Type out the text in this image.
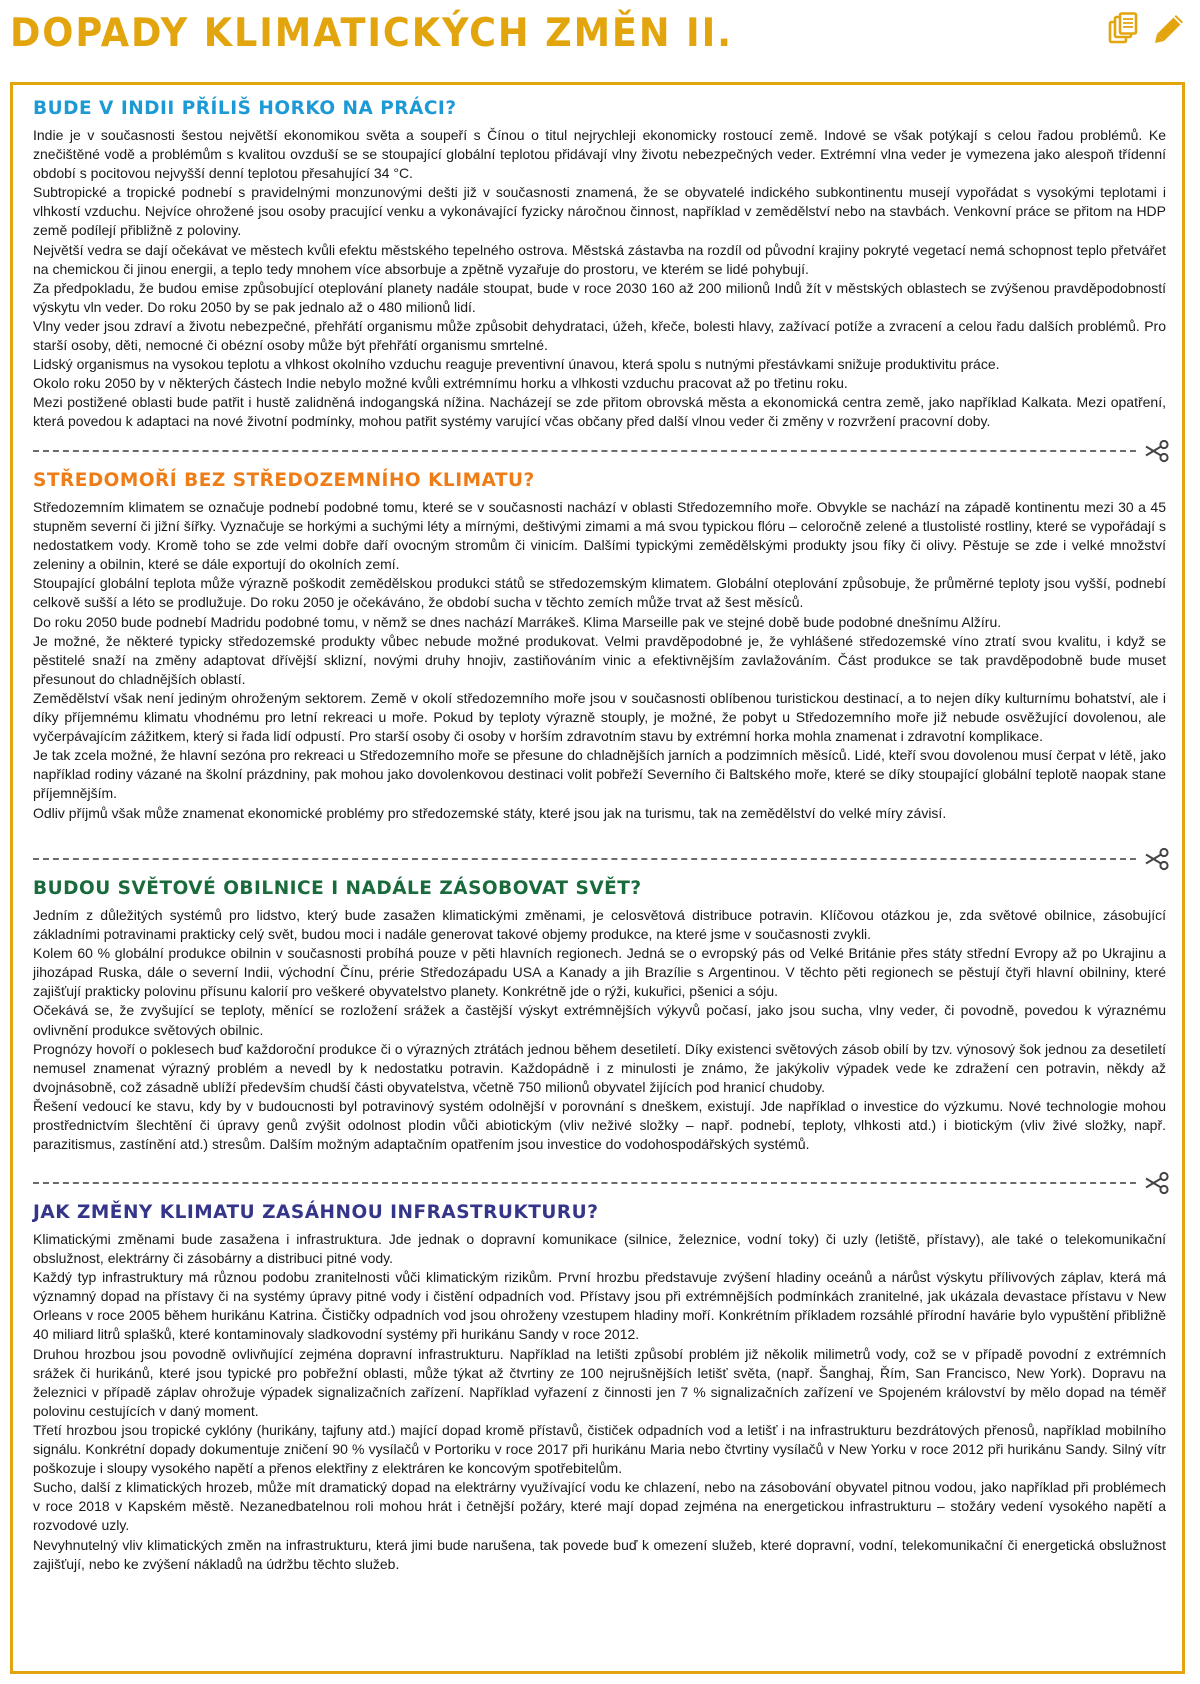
DOPADY KLIMATICKÝCH ZMĚN II.
BUDE V INDII PŘÍLIŠ HORKO NA PRÁCI?

Indie je v současnosti šestou největší ekonomikou světa a soupeří s Čínou o titul nejrychleji ekonomicky rostoucí země. Indové se však potýkají s celou řadou problémů. Ke znečištěné vodě a problémům s kvalitou ovzduší se se stoupající globální teplotou přidávají vlny životu nebezpečných veder. Extrémní vlna veder je vymezena jako alespoň třídenní období s pocitovou nejvyšší denní teplotou přesahující 34 °C.

Subtropické a tropické podnebí s pravidelnými monzunovými dešti již v současnosti znamená, že se obyvatelé indického subkontinentu musejí vypořádat s vysokými teplotami i vlhkostí vzduchu. Nejvíce ohrožené jsou osoby pracující venku a vykonávající fyzicky náročnou činnost, například v zemědělství nebo na stavbách. Venkovní práce se přitom na HDP země podílejí přibližně z poloviny.

Největší vedra se dají očekávat ve městech kvůli efektu městského tepelného ostrova. Městská zástavba na rozdíl od původní krajiny pokryté vegetací nemá schopnost teplo přetvářet na chemickou či jinou energii, a teplo tedy mnohem více absorbuje a zpětně vyzařuje do prostoru, ve kterém se lidé pohybují.

Za předpokladu, že budou emise způsobující oteplování planety nadále stoupat, bude v roce 2030 160 až 200 milionů Indů žít v městských oblastech se zvýšenou pravděpodobností výskytu vln veder. Do roku 2050 by se pak jednalo až o 480 milionů lidí.

Vlny veder jsou zdraví a životu nebezpečné, přehřátí organismu může způsobit dehydrataci, úžeh, křeče, bolesti hlavy, zažívací potíže a zvracení a celou řadu dalších problémů. Pro starší osoby, děti, nemocné či obézní osoby může být přehřátí organismu smrtelné.

Lidský organismus na vysokou teplotu a vlhkost okolního vzduchu reaguje preventivní únavou, která spolu s nutnými přestávkami snižuje produktivitu práce.

Okolo roku 2050 by v některých částech Indie nebylo možné kvůli extrémnímu horku a vlhkosti vzduchu pracovat až po třetinu roku.

Mezi postižené oblasti bude patřit i hustě zalidněná indogangská nížina. Nacházejí se zde přitom obrovská města a ekonomická centra země, jako například Kalkata. Mezi opatření, která povedou k adaptaci na nové životní podmínky, mohou patřit systémy varující včas občany před další vlnou veder či změny v rozvržení pracovní doby.

STŘEDOMOŘÍ BEZ STŘEDOZEMNÍHO KLIMATU?

Středozemním klimatem se označuje podnebí podobné tomu, které se v současnosti nachází v oblasti Středozemního moře. Obvykle se nachází na západě kontinentu mezi 30 a 45 stupněm severní či jižní šířky. Vyznačuje se horkými a suchými léty a mírnými, deštivými zimami a má svou typickou flóru – celoročně zelené a tlustolisté rostliny, které se vypořádají s nedostatkem vody. Kromě toho se zde velmi dobře daří ovocným stromům či vinicím. Dalšími typickými zemědělskými produkty jsou fíky či olivy. Pěstuje se zde i velké množství zeleniny a obilnin, které se dále exportují do okolních zemí.

Stoupající globální teplota může výrazně poškodit zemědělskou produkci států se středozemským klimatem. Globální oteplování způsobuje, že průměrné teploty jsou vyšší, podnebí celkově sušší a léto se prodlužuje. Do roku 2050 je očekáváno, že období sucha v těchto zemích může trvat až šest měsíců.

Do roku 2050 bude podnebí Madridu podobné tomu, v němž se dnes nachází Marrákeš. Klima Marseille pak ve stejné době bude podobné dnešnímu Alžíru.

Je možné, že některé typicky středozemské produkty vůbec nebude možné produkovat. Velmi pravděpodobné je, že vyhlášené středozemské víno ztratí svou kvalitu, i když se pěstitelé snaží na změny adaptovat dřívější sklizní, novými druhy hnojiv, zastiňováním vinic a efektivnějším zavlažováním. Část produkce se tak pravděpodobně bude muset přesunout do chladnějších oblastí.

Zemědělství však není jediným ohroženým sektorem. Země v okolí středozemního moře jsou v současnosti oblíbenou turistickou destinací, a to nejen díky kulturnímu bohatství, ale i díky příjemnému klimatu vhodnému pro letní rekreaci u moře. Pokud by teploty výrazně stouply, je možné, že pobyt u Středozemního moře již nebude osvěžující dovolenou, ale vyčerpávajícím zážitkem, který si řada lidí odpustí. Pro starší osoby či osoby v horším zdravotním stavu by extrémní horka mohla znamenat i zdravotní komplikace.

Je tak zcela možné, že hlavní sezóna pro rekreaci u Středozemního moře se přesune do chladnějších jarních a podzimních měsíců. Lidé, kteří svou dovolenou musí čerpat v létě, jako například rodiny vázané na školní prázdniny, pak mohou jako dovolenkovou destinaci volit pobřeží Severního či Baltského moře, které se díky stoupající globální teplotě naopak stane příjemnějším.

Odliv příjmů však může znamenat ekonomické problémy pro středozemské státy, které jsou jak na turismu, tak na zemědělství do velké míry závisí.

BUDOU SVĚTOVÉ OBILNICE I NADÁLE ZÁSOBOVAT SVĚT?

Jedním z důležitých systémů pro lidstvo, který bude zasažen klimatickými změnami, je celosvětová distribuce potravin. Klíčovou otázkou je, zda světové obilnice, zásobující základními potravinami prakticky celý svět, budou moci i nadále generovat takové objemy produkce, na které jsme v současnosti zvykli.

Kolem 60 % globální produkce obilnin v současnosti probíhá pouze v pěti hlavních regionech. Jedná se o evropský pás od Velké Británie přes státy střední Evropy až po Ukrajinu a jihozápad Ruska, dále o severní Indii, východní Čínu, prérie Středozápadu USA a Kanady a jih Brazílie s Argentinou. V těchto pěti regionech se pěstují čtyři hlavní obilniny, které zajišťují prakticky polovinu přísunu kalorií pro veškeré obyvatelstvo planety. Konkrétně jde o rýži, kukuřici, pšenici a sóju.

Očekává se, že zvyšující se teploty, měnící se rozložení srážek a častější výskyt extrémnějších výkyvů počasí, jako jsou sucha, vlny veder, či povodně, povedou k výraznému ovlivnění produkce světových obilnic.

Prognózy hovoří o poklesech buď každoroční produkce či o výrazných ztrátách jednou během desetiletí. Díky existenci světových zásob obilí by tzv. výnosový šok jednou za desetiletí nemusel znamenat výrazný problém a nevedl by k nedostatku potravin. Každopádně i z minulosti je známo, že jakýkoliv výpadek vede ke zdražení cen potravin, někdy až dvojnásobně, což zásadně ublíží především chudší části obyvatelstva, včetně 750 milionů obyvatel žijících pod hranicí chudoby.

Řešení vedoucí ke stavu, kdy by v budoucnosti byl potravinový systém odolnější v porovnání s dneškem, existují. Jde například o investice do výzkumu. Nové technologie mohou prostřednictvím šlechtění či úpravy genů zvýšit odolnost plodin vůči abiotickým (vliv neživé složky – např. podnebí, teploty, vlhkosti atd.) i biotickým (vliv živé složky, např. parazitismus, zastínění atd.) stresům. Dalším možným adaptačním opatřením jsou investice do vodohospodářských systémů.

JAK ZMĚNY KLIMATU ZASÁHNOU INFRASTRUKTURU?

Klimatickými změnami bude zasažena i infrastruktura. Jde jednak o dopravní komunikace (silnice, železnice, vodní toky) či uzly (letiště, přístavy), ale také o telekomunikační obslužnost, elektrárny či zásobárny a distribuci pitné vody.

Každý typ infrastruktury má různou podobu zranitelnosti vůči klimatickým rizikům. První hrozbu představuje zvýšení hladiny oceánů a nárůst výskytu přílivových záplav, která má významný dopad na přístavy či na systémy úpravy pitné vody i čistění odpadních vod. Přístavy jsou při extrémnějších podmínkách zranitelné, jak ukázala devastace přístavu v New Orleans v roce 2005 během hurikánu Katrina. Čističky odpadních vod jsou ohroženy vzestupem hladiny moří. Konkrétním příkladem rozsáhlé přírodní havárie bylo vypuštění přibližně 40 miliard litrů splašků, které kontaminovaly sladkovodní systémy při hurikánu Sandy v roce 2012.

Druhou hrozbou jsou povodně ovlivňující zejména dopravní infrastrukturu. Například na letišti způsobí problém již několik milimetrů vody, což se v případě povodní z extrémních srážek či hurikánů, které jsou typické pro pobřežní oblasti, může týkat až čtvrtiny ze 100 nejrušnějších letišť světa, (např. Šanghaj, Řím, San Francisco, New York). Dopravu na železnici v případě záplav ohrožuje výpadek signalizačních zařízení. Například vyřazení z činnosti jen 7 % signalizačních zařízení ve Spojeném království by mělo dopad na téměř polovinu cestujících v daný moment.

Třetí hrozbou jsou tropické cyklóny (hurikány, tajfuny atd.) mající dopad kromě přístavů, čističek odpadních vod a letišť i na infrastrukturu bezdrátových přenosů, například mobilního signálu. Konkrétní dopady dokumentuje zničení 90 % vysílačů v Portoriku v roce 2017 při hurikánu Maria nebo čtvrtiny vysílačů v New Yorku v roce 2012 při hurikánu Sandy. Silný vítr poškozuje i sloupy vysokého napětí a přenos elektřiny z elektráren ke koncovým spotřebitelům.

Sucho, další z klimatických hrozeb, může mít dramatický dopad na elektrárny využívající vodu ke chlazení, nebo na zásobování obyvatel pitnou vodou, jako například při problémech v roce 2018 v Kapském městě. Nezanedbatelnou roli mohou hrát i četnější požáry, které mají dopad zejména na energetickou infrastrukturu – stožáry vedení vysokého napětí a rozvodové uzly.

Nevyhnutelný vliv klimatických změn na infrastrukturu, která jimi bude narušena, tak povede buď k omezení služeb, které dopravní, vodní, telekomunikační či energetická obslužnost zajišťují, nebo ke zvýšení nákladů na údržbu těchto služeb.
